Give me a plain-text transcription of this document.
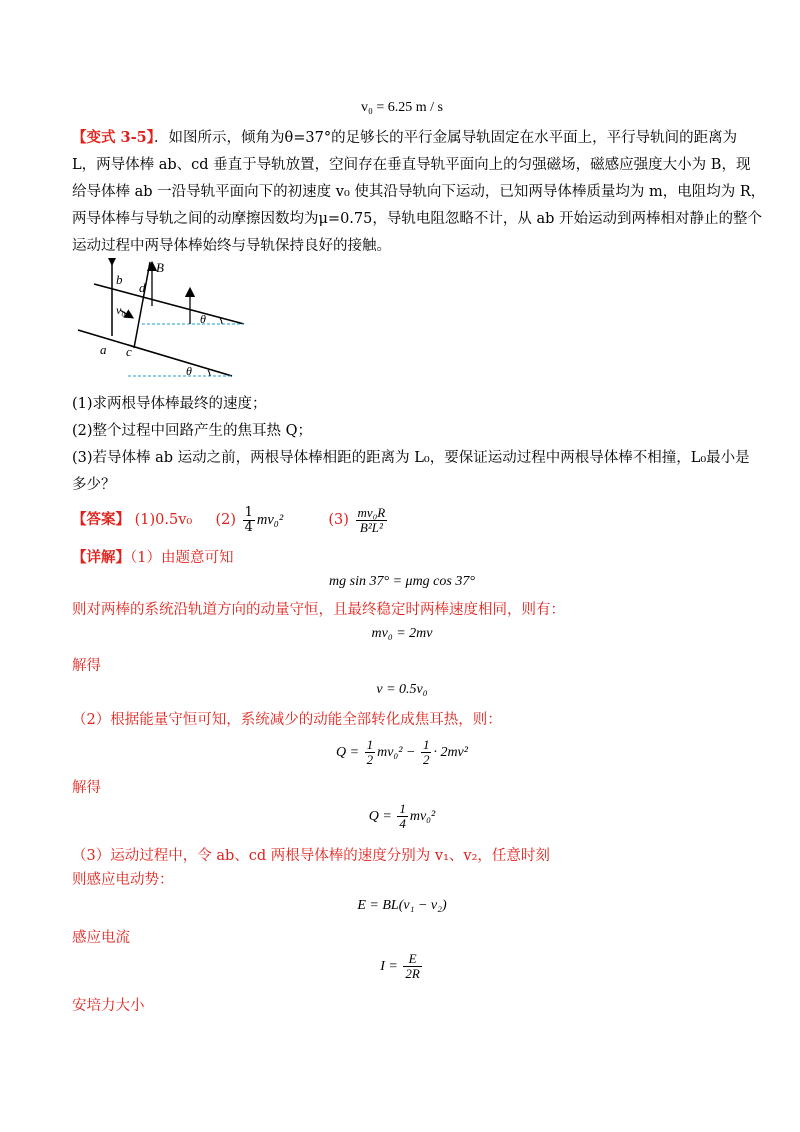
v₀ = 6.25 m / s
【变式 3-5】．如图所示，倾角为θ=37°的足够长的平行金属导轨固定在水平面上，平行导轨间的距离为
L，两导体棒 ab、cd 垂直于导轨放置，空间存在垂直导轨平面向上的匀强磁场，磁感应强度大小为 B，现
给导体棒 ab 一沿导轨平面向下的初速度 v₀ 使其沿导轨向下运动，已知两导体棒质量均为 m，电阻均为 R，
两导体棒与导轨之间的动摩擦因数均为μ=0.75，导轨电阻忽略不计，从 ab 开始运动到两棒相对静止的整个
运动过程中两导体棒始终与导轨保持良好的接触。
b
d
B
v₀
a c
θ
θ
(1)求两根导体棒最终的速度；
(2)整个过程中回路产生的焦耳热 Q；
(3)若导体棒 ab 运动之前，两根导体棒相距的距离为 L₀，要保证运动过程中两根导体棒不相撞，L₀最小是
多少？
【答案】 (1)0.5v₀ $(2) \frac{1}{4} mv_0^2$	$(3) \frac{\text{mv₀R}}{\text{B²L²}}$
【详解】（1）由题意可知
mg sin 37° = μmg cos 37°
则对两棒的系统沿轨道方向的动量守恒，且最终稳定时两棒速度相同，则有：
mv₀ = 2mv
解得
v = 0.5v₀
（2）根据能量守恒可知，系统减少的动能全部转化成焦耳热，则：
$Q = \frac{1}{2} mv_0^2 - \frac{1}{2} \cdot 2mv^2$
解得
$Q = \frac{1}{4} mv_0^2$
（3）运动过程中，令 ab、cd 两根导体棒的速度分别为 v₁、v₂，任意时刻
则感应电动势：
E = BL(v₁ − v₂)
感应电流
$I = \frac{E}{2R}$
安培力大小
